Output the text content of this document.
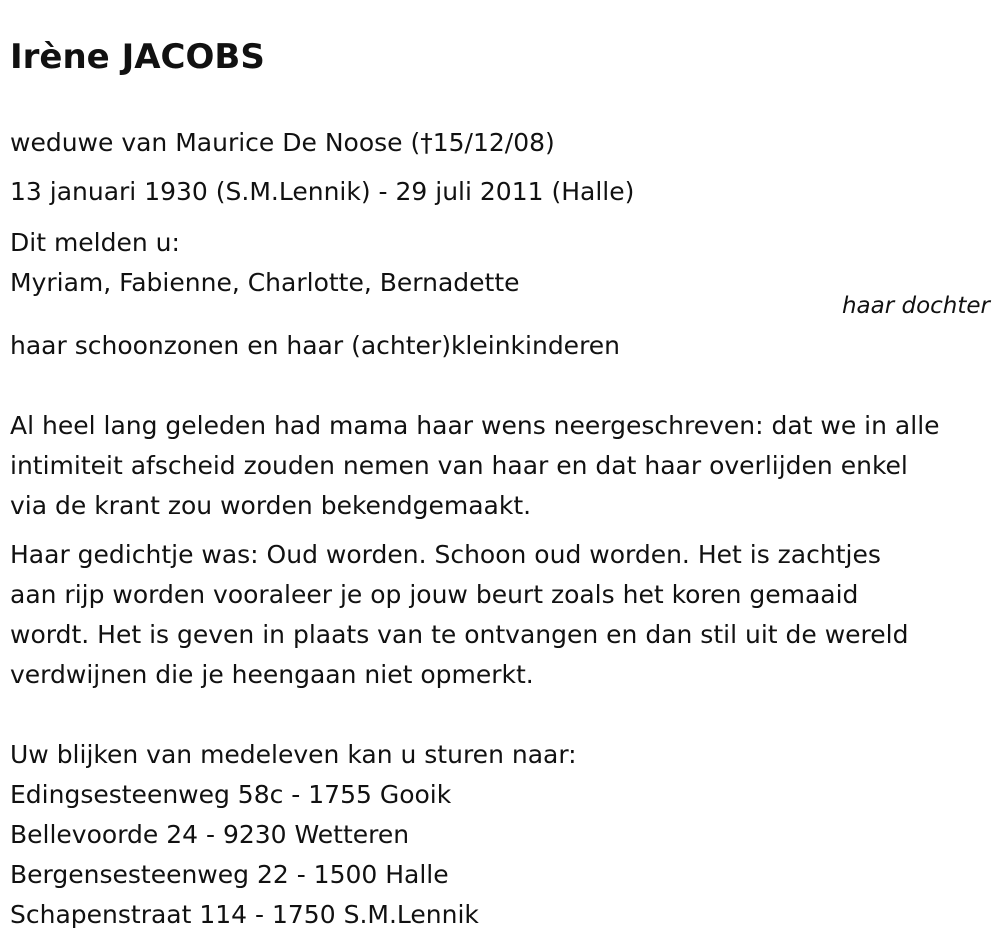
Irène JACOBS

weduwe van Maurice De Noose (†15/12/08)

13 januari 1930 (S.M.Lennik) - 29 juli 2011 (Halle)

Dit melden u:

Myriam, Fabienne, Charlotte, Bernadette

haar dochter

haar schoonzonen en haar (achter)kleinkinderen

Al heel lang geleden had mama haar wens neergeschreven: dat we in alle

intimiteit afscheid zouden nemen van haar en dat haar overlijden enkel

via de krant zou worden bekendgemaakt.

Haar gedichtje was: Oud worden. Schoon oud worden. Het is zachtjes

aan rijp worden vooraleer je op jouw beurt zoals het koren gemaaid

wordt. Het is geven in plaats van te ontvangen en dan stil uit de wereld

verdwijnen die je heengaan niet opmerkt.

Uw blijken van medeleven kan u sturen naar:

Edingsesteenweg 58c - 1755 Gooik

Bellevoorde 24 - 9230 Wetteren

Bergensesteenweg 22 - 1500 Halle

Schapenstraat 114 - 1750 S.M.Lennik
